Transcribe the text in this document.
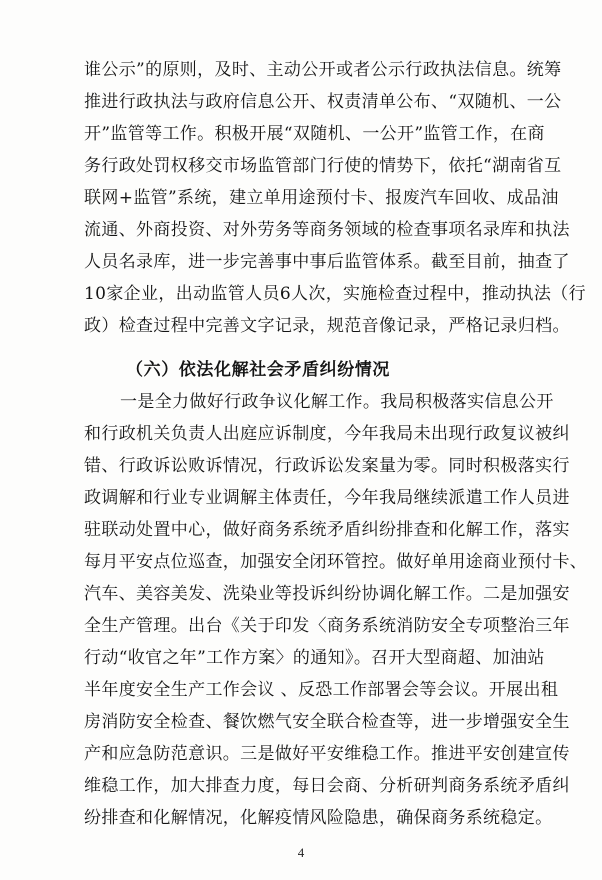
谁公示”的原则，及时、主动公开或者公示行政执法信息。统筹
推进行政执法与政府信息公开、权责清单公布、“双随机、一公
开”监管等工作。积极开展“双随机、一公开”监管工作，在商
务行政处罚权移交市场监管部门行使的情势下，依托“湖南省互
联网+监管”系统，建立单用途预付卡、报废汽车回收、成品油
流通、外商投资、对外劳务等商务领域的检查事项名录库和执法
人员名录库，进一步完善事中事后监管体系。截至目前，抽查了
10家企业，出动监管人员6人次，实施检查过程中，推动执法（行
政）检查过程中完善文字记录，规范音像记录，严格记录归档。
（六）依法化解社会矛盾纠纷情况
一是全力做好行政争议化解工作。我局积极落实信息公开
和行政机关负责人出庭应诉制度，今年我局未出现行政复议被纠
错、行政诉讼败诉情况，行政诉讼发案量为零。同时积极落实行
政调解和行业专业调解主体责任，今年我局继续派遣工作人员进
驻联动处置中心，做好商务系统矛盾纠纷排查和化解工作，落实
每月平安点位巡查，加强安全闭环管控。做好单用途商业预付卡、
汽车、美容美发、洗染业等投诉纠纷协调化解工作。二是加强安
全生产管理。出台《关于印发〈商务系统消防安全专项整治三年
行动“收官之年”工作方案〉的通知》。召开大型商超、加油站
半年度安全生产工作会议 、反恐工作部署会等会议。开展出租
房消防安全检查、餐饮燃气安全联合检查等，进一步增强安全生
产和应急防范意识。三是做好平安维稳工作。推进平安创建宣传
维稳工作，加大排查力度，每日会商、分析研判商务系统矛盾纠
纷排查和化解情况，化解疫情风险隐患，确保商务系统稳定。
4
